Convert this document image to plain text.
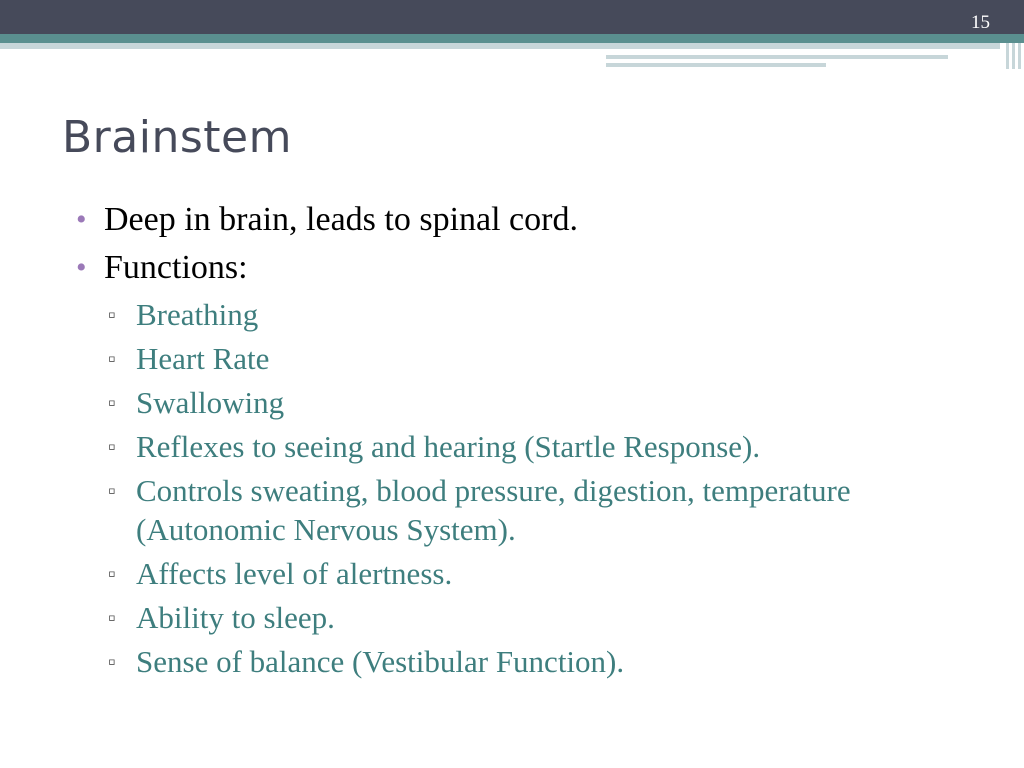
15
Brainstem
• Deep in brain, leads to spinal cord.
• Functions:
▫ Breathing
▫ Heart Rate
▫ Swallowing
▫ Reflexes to seeing and hearing (Startle Response).
▫ Controls sweating, blood pressure, digestion, temperature (Autonomic Nervous System).
▫ Affects level of alertness.
▫ Ability to sleep.
▫ Sense of balance (Vestibular Function).
